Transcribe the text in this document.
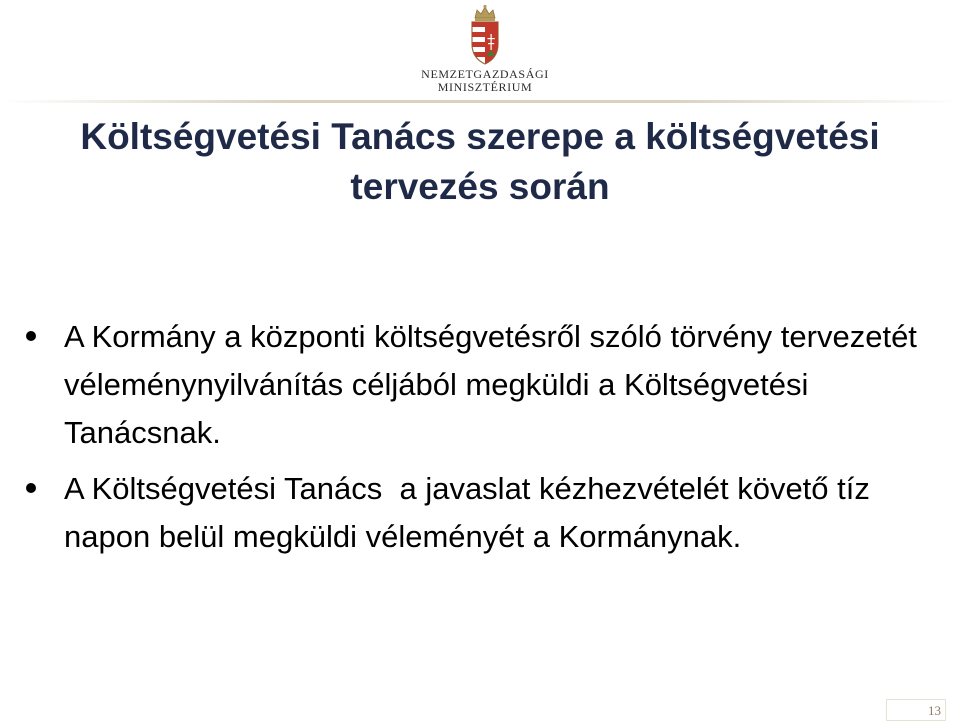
NEMZETGAZDASÁGI
MINISZTÉRIUM
Költségvetési Tanács szerepe a költségvetési
tervezés során
A Kormány a központi költségvetésről szóló törvény tervezetét véleménynyilvánítás céljából megküldi a Költségvetési Tanácsnak.
A Költségvetési Tanács  a javaslat kézhezvételét követő tíz napon belül megküldi véleményét a Kormánynak.
13
